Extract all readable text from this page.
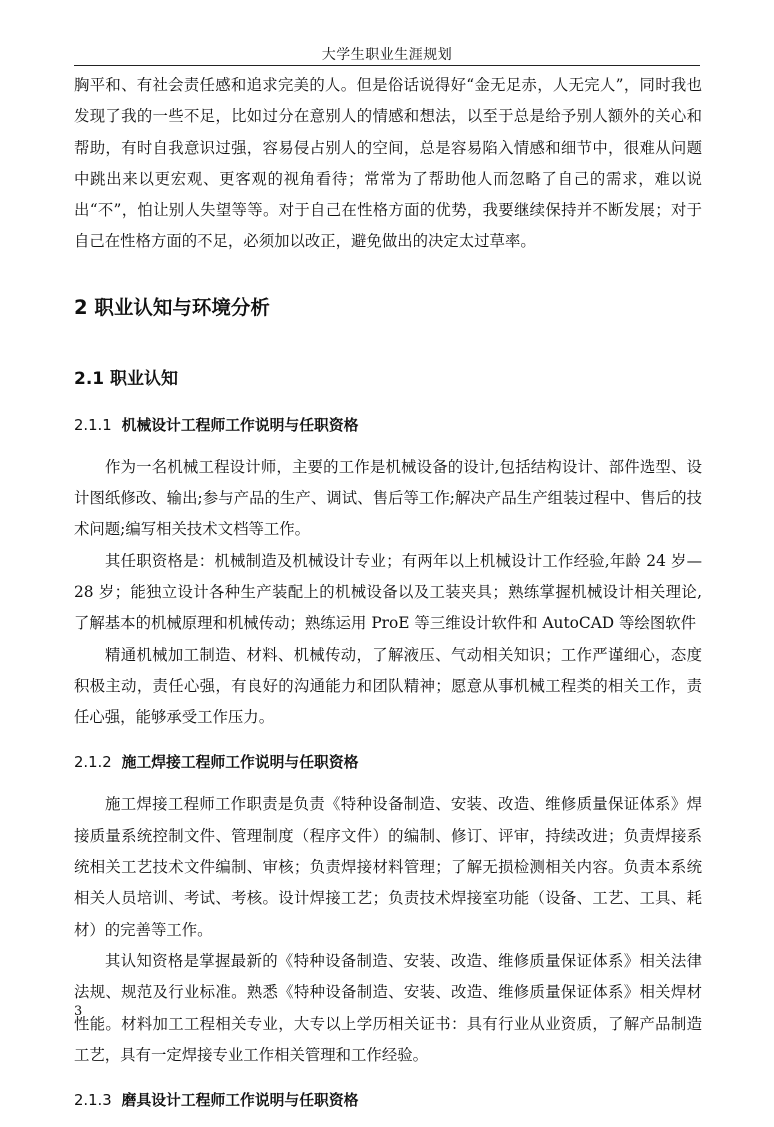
大学生职业生涯规划

胸平和、有社会责任感和追求完美的人。但是俗话说得好“金无足赤，人无完人”，同时我也发现了我的一些不足，比如过分在意别人的情感和想法，以至于总是给予别人额外的关心和帮助，有时自我意识过强，容易侵占别人的空间，总是容易陷入情感和细节中，很难从问题中跳出来以更宏观、更客观的视角看待；常常为了帮助他人而忽略了自己的需求，难以说出“不”，怕让别人失望等等。对于自己在性格方面的优势，我要继续保持并不断发展；对于自己在性格方面的不足，必须加以改正，避免做出的决定太过草率。

2 职业认知与环境分析
2.1 职业认知
2.1.1 机械设计工程师工作说明与任职资格

作为一名机械工程设计师，主要的工作是机械设备的设计,包括结构设计、部件选型、设计图纸修改、输出;参与产品的生产、调试、售后等工作;解决产品生产组装过程中、售后的技术问题;编写相关技术文档等工作。

其任职资格是：机械制造及机械设计专业；有两年以上机械设计工作经验,年龄 24 岁—28 岁；能独立设计各种生产装配上的机械设备以及工装夹具；熟练掌握机械设计相关理论,了解基本的机械原理和机械传动；熟练运用 ProE 等三维设计软件和 AutoCAD 等绘图软件

精通机械加工制造、材料、机械传动，了解液压、气动相关知识；工作严谨细心，态度积极主动，责任心强，有良好的沟通能力和团队精神；愿意从事机械工程类的相关工作，责任心强，能够承受工作压力。

2.1.2 施工焊接工程师工作说明与任职资格

施工焊接工程师工作职责是负责《特种设备制造、安装、改造、维修质量保证体系》焊接质量系统控制文件、管理制度（程序文件）的编制、修订、评审，持续改进；负责焊接系统相关工艺技术文件编制、审核；负责焊接材料管理；了解无损检测相关内容。负责本系统相关人员培训、考试、考核。设计焊接工艺；负责技术焊接室功能（设备、工艺、工具、耗材）的完善等工作。

其认知资格是掌握最新的《特种设备制造、安装、改造、维修质量保证体系》相关法律法规、规范及行业标准。熟悉《特种设备制造、安装、改造、维修质量保证体系》相关焊材性能。材料加工工程相关专业，大专以上学历相关证书：具有行业从业资质，了解产品制造工艺，具有一定焊接专业工作相关管理和工作经验。

2.1.3 磨具设计工程师工作说明与任职资格
3
